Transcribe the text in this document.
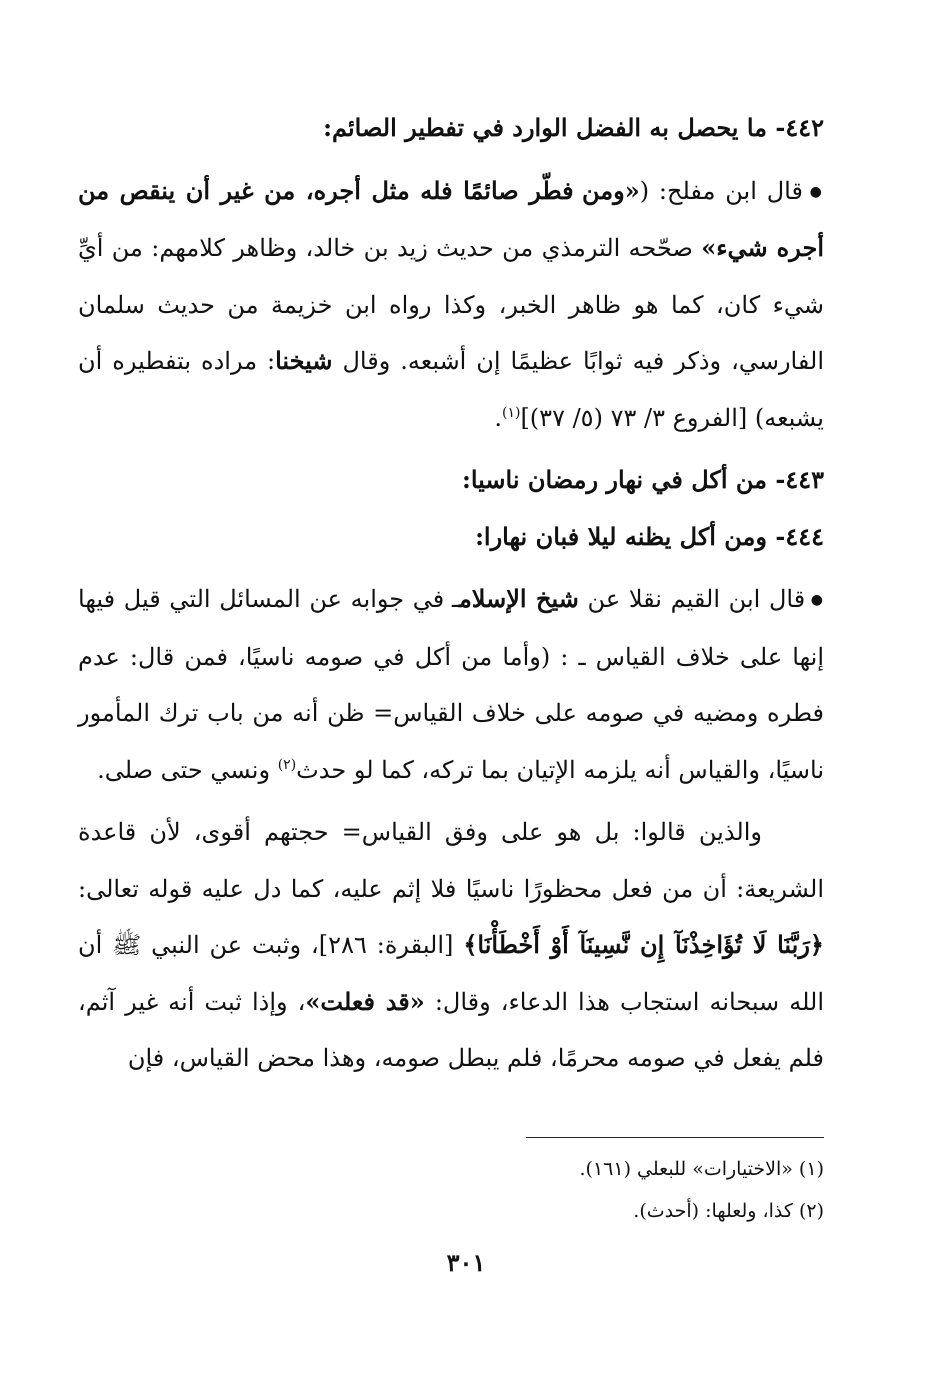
٤٤٢- ما يحصل به الفضل الوارد في تفطير الصائم:

● قال ابن مفلح: («ومن فطّر صائمًا فله مثل أجره، من غير أن ينقص من أجره شيء» صحّحه الترمذي من حديث زيد بن خالد، وظاهر كلامهم: من أيِّ شيء كان، كما هو ظاهر الخبر، وكذا رواه ابن خزيمة من حديث سلمان الفارسي، وذكر فيه ثوابًا عظيمًا إن أشبعه. وقال شيخنا: مراده بتفطيره أن يشبعه) [الفروع ٣/ ٧٣ (٥/ ٣٧)]$^{(١)}$.

٤٤٣- من أكل في نهار رمضان ناسيا:

٤٤٤- ومن أكل يظنه ليلا فبان نهارا:

● قال ابن القيم نقلا عن شيخ الإسلامـ في جوابه عن المسائل التي قيل فيها إنها على خلاف القياس ـ : (وأما من أكل في صومه ناسيًا، فمن قال: عدم فطره ومضيه في صومه على خلاف القياس= ظن أنه من باب ترك المأمور ناسيًا، والقياس أنه يلزمه الإتيان بما تركه، كما لو حدث$^{(٢)}$ ونسي حتى صلى.

والذين قالوا: بل هو على وفق القياس= حجتهم أقوى، لأن قاعدة الشريعة: أن من فعل محظورًا ناسيًا فلا إثم عليه، كما دل عليه قوله تعالى: ﴿رَبَّنَا لَا تُؤَاخِذْنَآ إِن نَّسِينَآ أَوْ أَخْطَأْنَا﴾ [البقرة: ٢٨٦]، وثبت عن النبي ﷺ أن الله سبحانه استجاب هذا الدعاء، وقال: «قد فعلت»، وإذا ثبت أنه غير آثم، فلم يفعل في صومه محرمًا، فلم يبطل صومه، وهذا محض القياس، فإن

(١) «الاختيارات» للبعلي (١٦١).

(٢) كذا، ولعلها: (أحدث).

٣٠١
